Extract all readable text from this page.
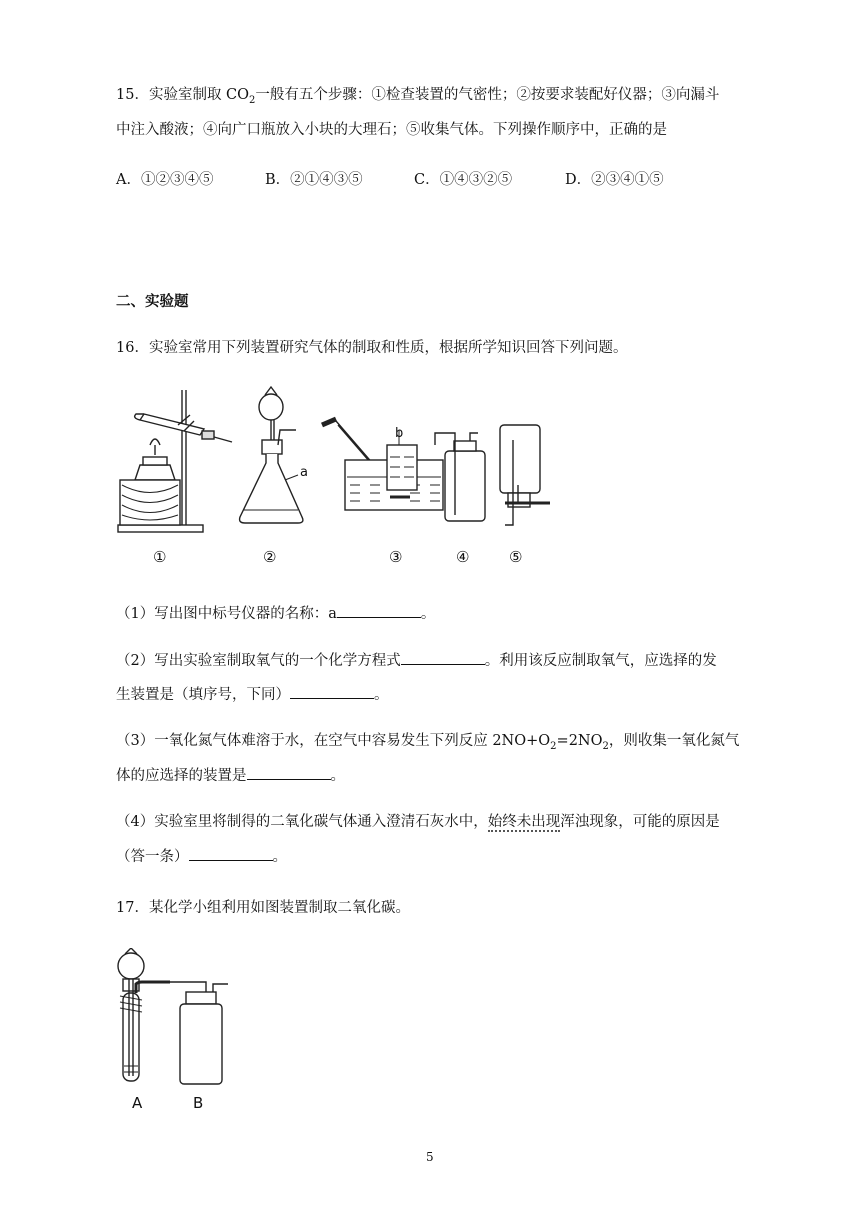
15．实验室制取 $CO_2$一般有五个步骤：①检查装置的气密性；②按要求装配好仪器；③向漏斗
中注入酸液；④向广口瓶放入小块的大理石；⑤收集气体。下列操作顺序中，正确的是
A．①②③④⑤	B．②①④③⑤	C．①④③②⑤	D．②③④①⑤
二、实验题
16．实验室常用下列装置研究气体的制取和性质，根据所学知识回答下列问题。
a
b
①	②	③	④	⑤
（1）写出图中标号仪器的名称：a	。
（2）写出实验室制取氧气的一个化学方程式	。利用该反应制取氧气，应选择的发
生装置是（填序号，下同）	。
（3）一氧化氮气体难溶于水，在空气中容易发生下列反应 $2NO+O_2=2NO_2$，则收集一氧化氮气
体的应选择的装置是	。
（4）实验室里将制得的二氧化碳气体通入澄清石灰水中，始终未出现浑浊现象，可能的原因是
（答一条）	。
17．某化学小组利用如图装置制取二氧化碳。
A	B
5
